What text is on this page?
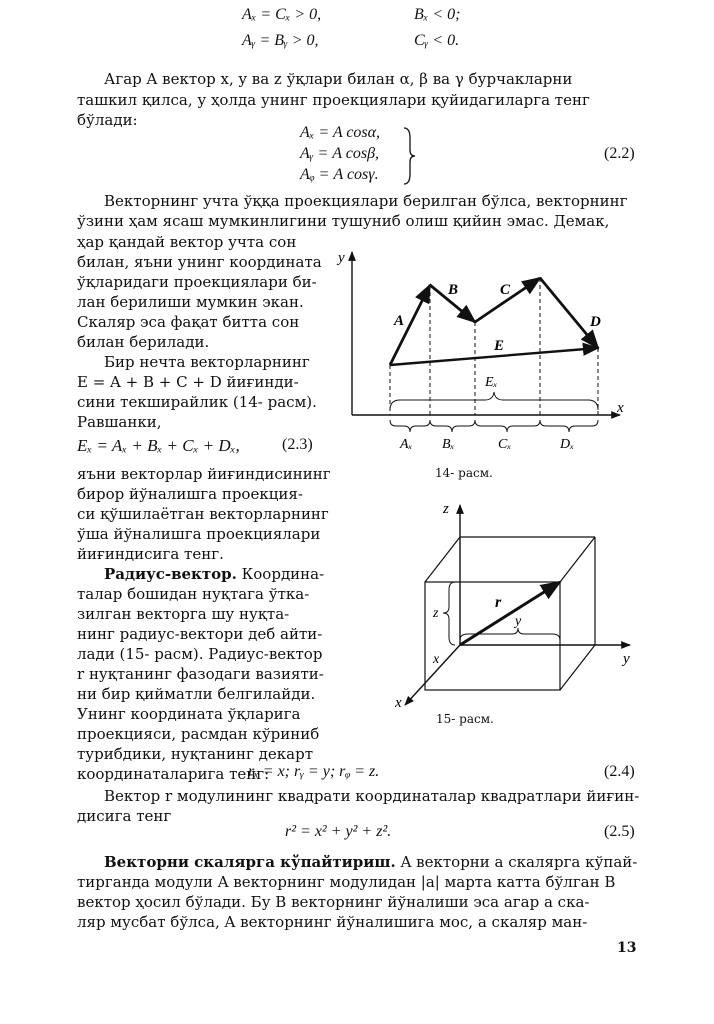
Aₓ = Cₓ > 0,	Bₓ < 0;
Aᵧ = Bᵧ > 0,	Cᵧ < 0.
Агар A вектор x, y ва z ўқлари билан α, β ва γ бурчакларни
ташкил қилса, у ҳолда унинг проекциялари қуйидагиларга тенг
бўлади:
Aₓ = A cosα,
Aᵧ = A cosβ,
Aᵩ = A cosγ.
(2.2)
Векторнинг учта ўққа проекциялари берилган бўлса, векторнинг
ўзини ҳам ясаш мумкинлигини тушуниб олиш қийин эмас. Демак,
ҳар қандай вектор учта сон
билан, яъни унинг координата
ўқларидаги проекциялари би-
лан берилиши мумкин экан.
Скаляр эса фақат битта сон
билан берилади.
Бир нечта векторларнинг
E = A + B + C + D йиғинди-
сини текширайлик (14- расм).
Равшанки,
Eₓ = Aₓ + Bₓ + Cₓ + Dₓ,	(2.3)
яъни векторлар йиғиндисининг
бирор йўналишга проекция-
си қўшилаётган векторларнинг
ўша йўналишга проекциялари
йиғиндисига тенг.
Радиус-вектор. Координа-
талар бошидан нуқтага ўтка-
зилган векторга шу нуқта-
нинг радиус-вектори деб айти-
лади (15- расм). Радиус-вектор
r нуқтанинг фазодаги вазияти-
ни бир қийматли белгилайди.
Унинг координата ўқларига
проекцияси, расмдан кўриниб
турибдики, нуқтанинг декарт
координаталарига тенг:
y
x
Eₓ
Aₓ Bₓ	Cₓ	Dₓ
A
B	C
D
E
14- расм.
z
y
x
r
z
y
x
15- расм.
rₓ = x; rᵧ = y; rᵩ = z.	(2.4)
Вектор r модулининг квадрати координаталар квадратлари йиғин-
дисига тенг
r² = x² + y² + z².	(2.5)
Векторни скалярга кўпайтириш. A векторни a скалярга кўпай-
тирганда модули A векторнинг модулидан |a| марта катта бўлган B
вектор ҳосил бўлади. Бу B векторнинг йўналиши эса агар a ска-
ляр мусбат бўлса, A векторнинг йўналишига мос, a скаляр ман-
13
